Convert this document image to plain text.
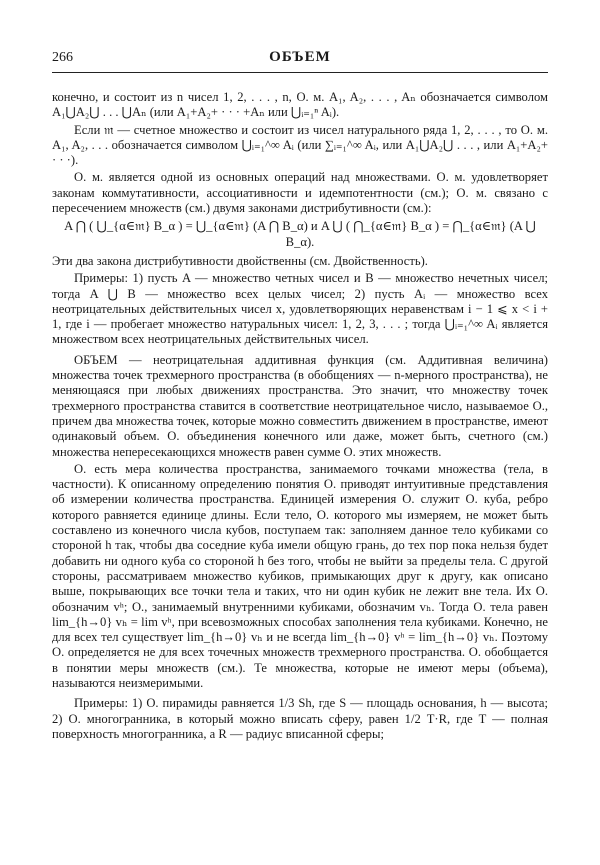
266	ОБЪЕМ

конечно, и состоит из n чисел 1, 2, . . . , n, О. м. A₁, A₂, . . . , Aₙ обозначается символом A₁⋃A₂⋃ . . . ⋃Aₙ (или A₁+A₂+ · · · +Aₙ или ⋃ᵢ₌₁ⁿ Aᵢ).

Если 𝔪 — счетное множество и состоит из чисел натурального ряда 1, 2, . . . , то О. м. A₁, A₂, . . . обозначается символом ⋃ᵢ₌₁^∞ Aᵢ (или ∑ᵢ₌₁^∞ Aᵢ, или A₁⋃A₂⋃ . . . , или A₁+A₂+ · · ·).

О. м. является одной из основных операций над множествами. О. м. удовлетворяет законам коммутативности, ассоциативности и идемпотентности (см.); О. м. связано с пересечением множеств (см.) двумя законами дистрибутивности (см.):

A ⋂ ( ⋃_{α∈𝔪} B_α ) = ⋃_{α∈𝔪} (A ⋂ B_α) и A ⋃ ( ⋂_{α∈𝔪} B_α ) = ⋂_{α∈𝔪} (A ⋃ B_α).

Эти два закона дистрибутивности двойственны (см. Двойственность).

Примеры: 1) пусть A — множество четных чисел и B — множество нечетных чисел; тогда A ⋃ B — множество всех целых чисел; 2) пусть Aᵢ — множество всех неотрицательных действительных чисел x, удовлетворяющих неравенствам i − 1 ⩽ x < i + 1, где i — пробегает множество натуральных чисел: 1, 2, 3, . . . ; тогда ⋃ᵢ₌₁^∞ Aᵢ является множеством всех неотрицательных действительных чисел.

ОБЪЕМ — неотрицательная аддитивная функция (см. Аддитивная величина) множества точек трехмерного пространства (в обобщениях — n-мерного пространства), не меняющаяся при любых движениях пространства. Это значит, что множеству точек трехмерного пространства ставится в соответствие неотрицательное число, называемое О., причем два множества точек, которые можно совместить движением в пространстве, имеют одинаковый объем. О. объединения конечного или даже, может быть, счетного (см.) множества непересекающихся множеств равен сумме О. этих множеств.

О. есть мера количества пространства, занимаемого точками множества (тела, в частности). К описанному определению понятия О. приводят интуитивные представления об измерении количества пространства. Единицей измерения О. служит О. куба, ребро которого равняется единице длины. Если тело, О. которого мы измеряем, не может быть составлено из конечного числа кубов, поступаем так: заполняем данное тело кубиками со стороной h так, чтобы два соседние куба имели общую грань, до тех пор пока нельзя будет добавить ни одного куба со стороной h без того, чтобы не выйти за пределы тела. С другой стороны, рассматриваем множество кубиков, примыкающих друг к другу, как описано выше, покрывающих все точки тела и таких, что ни один кубик не лежит вне тела. Их О. обозначим vʰ; О., занимаемый внутренними кубиками, обозначим vₕ. Тогда О. тела равен lim_{h→0} vₕ = lim vʰ, при всевозможных способах заполнения тела кубиками. Конечно, не для всех тел существует lim_{h→0} vₕ и не всегда lim_{h→0} vʰ = lim_{h→0} vₕ. Поэтому О. определяется не для всех точечных множеств трехмерного пространства. О. обобщается в понятии меры множеств (см.). Те множества, которые не имеют меры (объема), называются неизмеримыми.

Примеры: 1) О. пирамиды равняется 1/3 Sh, где S — площадь основания, h — высота; 2) О. многогранника, в который можно вписать сферу, равен 1/2 T·R, где T — полная поверхность многогранника, а R — радиус вписанной сферы;
